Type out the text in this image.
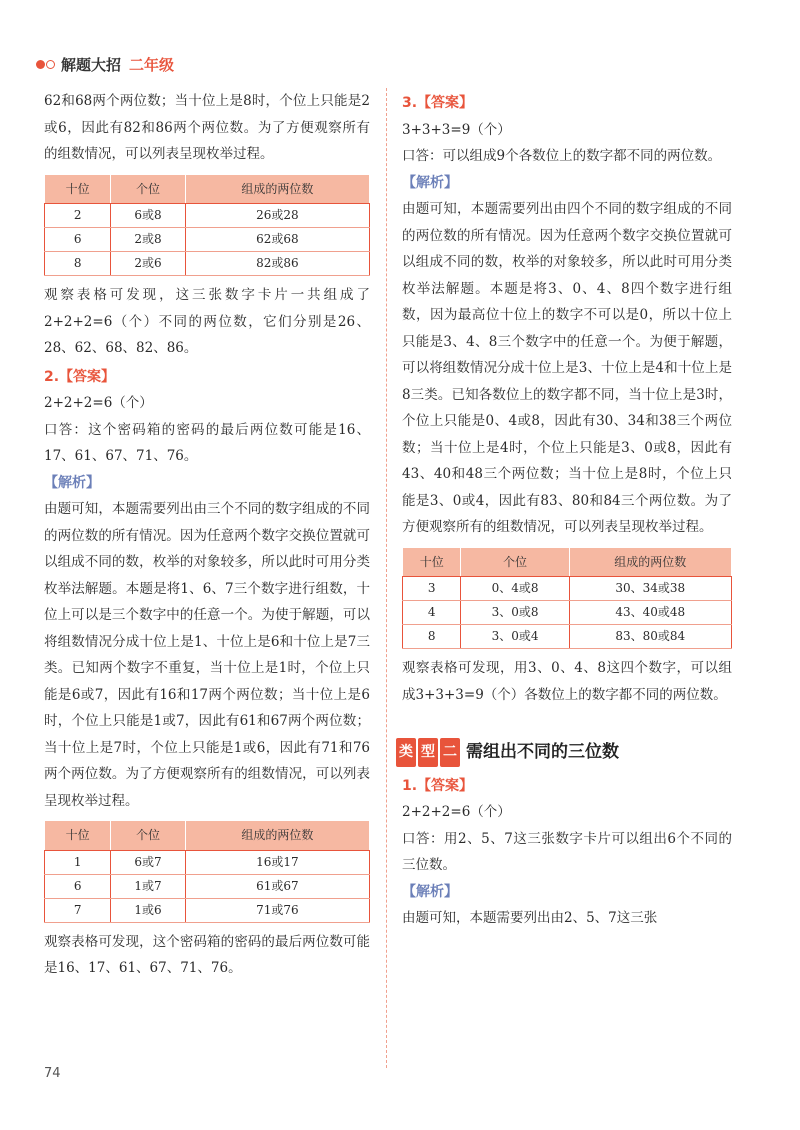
解题大招 二年级

62和68两个两位数；当十位上是8时，个位上只能是2或6，因此有82和86两个两位数。为了方便观察所有的组数情况，可以列表呈现枚举过程。

十位	个位	组成的两位数
2	6或8	26或28
6	2或8	62或68
8	2或6	82或86

观察表格可发现，这三张数字卡片一共组成了2+2+2=6（个）不同的两位数，它们分别是26、28、62、68、82、86。

2.【答案】

2+2+2=6（个）

口答：这个密码箱的密码的最后两位数可能是16、17、61、67、71、76。

【解析】

由题可知，本题需要列出由三个不同的数字组成的不同的两位数的所有情况。因为任意两个数字交换位置就可以组成不同的数，枚举的对象较多，所以此时可用分类枚举法解题。本题是将1、6、7三个数字进行组数，十位上可以是三个数字中的任意一个。为使于解题，可以将组数情况分成十位上是1、十位上是6和十位上是7三类。已知两个数字不重复，当十位上是1时，个位上只能是6或7，因此有16和17两个两位数；当十位上是6时，个位上只能是1或7，因此有61和67两个两位数；当十位上是7时，个位上只能是1或6，因此有71和76两个两位数。为了方便观察所有的组数情况，可以列表呈现枚举过程。

十位	个位	组成的两位数
1	6或7	16或17
6	1或7	61或67
7	1或6	71或76

观察表格可发现，这个密码箱的密码的最后两位数可能是16、17、61、67、71、76。

3.【答案】

3+3+3=9（个）

口答：可以组成9个各数位上的数字都不同的两位数。

【解析】

由题可知，本题需要列出由四个不同的数字组成的不同的两位数的所有情况。因为任意两个数字交换位置就可以组成不同的数，枚举的对象较多，所以此时可用分类枚举法解题。本题是将3、0、4、8四个数字进行组数，因为最高位十位上的数字不可以是0，所以十位上只能是3、4、8三个数字中的任意一个。为便于解题，可以将组数情况分成十位上是3、十位上是4和十位上是8三类。已知各数位上的数字都不同，当十位上是3时，个位上只能是0、4或8，因此有30、34和38三个两位数；当十位上是4时，个位上只能是3、0或8，因此有43、40和48三个两位数；当十位上是8时，个位上只能是3、0或4，因此有83、80和84三个两位数。为了方便观察所有的组数情况，可以列表呈现枚举过程。

十位	个位	组成的两位数
3	0、4或8	30、34或38
4	3、0或8	43、40或48
8	3、0或4	83、80或84

观察表格可发现，用3、0、4、8这四个数字，可以组成3+3+3=9（个）各数位上的数字都不同的两位数。

类 型 二 需组出不同的三位数
1.【答案】

2+2+2=6（个）

口答：用2、5、7这三张数字卡片可以组出6个不同的三位数。

【解析】

由题可知，本题需要列出由2、5、7这三张

74
